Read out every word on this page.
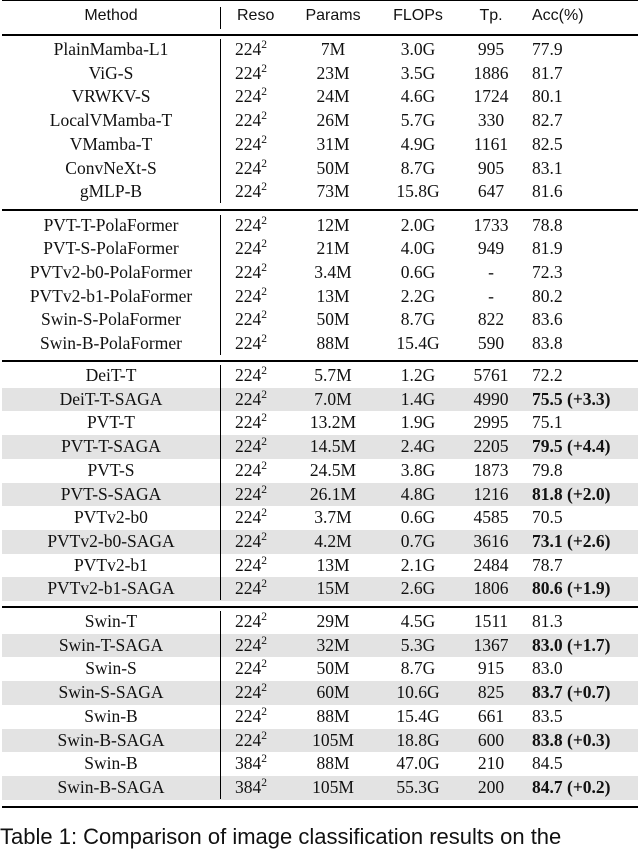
Method	Reso	Params	FLOPs	Tp.	Acc(%)
PlainMamba-L1	$224^2$	7M	3.0G	995	77.9
ViG-S	$224^2$	23M	3.5G	1886	81.7
VRWKV-S	$224^2$	24M	4.6G	1724	80.1
LocalVMamba-T	$224^2$	26M	5.7G	330	82.7
VMamba-T	$224^2$	31M	4.9G	1161	82.5
ConvNeXt-S	$224^2$	50M	8.7G	905	83.1
gMLP-B	$224^2$	73M	15.8G	647	81.6
PVT-T-PolaFormer	$224^2$	12M	2.0G	1733	78.8
PVT-S-PolaFormer	$224^2$	21M	4.0G	949	81.9
PVTv2-b0-PolaFormer	$224^2$	3.4M	0.6G	-	72.3
PVTv2-b1-PolaFormer	$224^2$	13M	2.2G	-	80.2
Swin-S-PolaFormer	$224^2$	50M	8.7G	822	83.6
Swin-B-PolaFormer	$224^2$	88M	15.4G	590	83.8
DeiT-T	$224^2$	5.7M	1.2G	5761	72.2
DeiT-T-SAGA	$224^2$	7.0M	1.4G	4990	75.5 (+3.3)
PVT-T	$224^2$	13.2M	1.9G	2995	75.1
PVT-T-SAGA	$224^2$	14.5M	2.4G	2205	79.5 (+4.4)
PVT-S	$224^2$	24.5M	3.8G	1873	79.8
PVT-S-SAGA	$224^2$	26.1M	4.8G	1216	81.8 (+2.0)
PVTv2-b0	$224^2$	3.7M	0.6G	4585	70.5
PVTv2-b0-SAGA	$224^2$	4.2M	0.7G	3616	73.1 (+2.6)
PVTv2-b1	$224^2$	13M	2.1G	2484	78.7
PVTv2-b1-SAGA	$224^2$	15M	2.6G	1806	80.6 (+1.9)
Swin-T	$224^2$	29M	4.5G	1511	81.3
Swin-T-SAGA	$224^2$	32M	5.3G	1367	83.0 (+1.7)
Swin-S	$224^2$	50M	8.7G	915	83.0
Swin-S-SAGA	$224^2$	60M	10.6G	825	83.7 (+0.7)
Swin-B	$224^2$	88M	15.4G	661	83.5
Swin-B-SAGA	$224^2$	105M	18.8G	600	83.8 (+0.3)
Swin-B	$384^2$	88M	47.0G	210	84.5
Swin-B-SAGA	$384^2$	105M	55.3G	200	84.7 (+0.2)
Table 1: Comparison of image classification results on the
